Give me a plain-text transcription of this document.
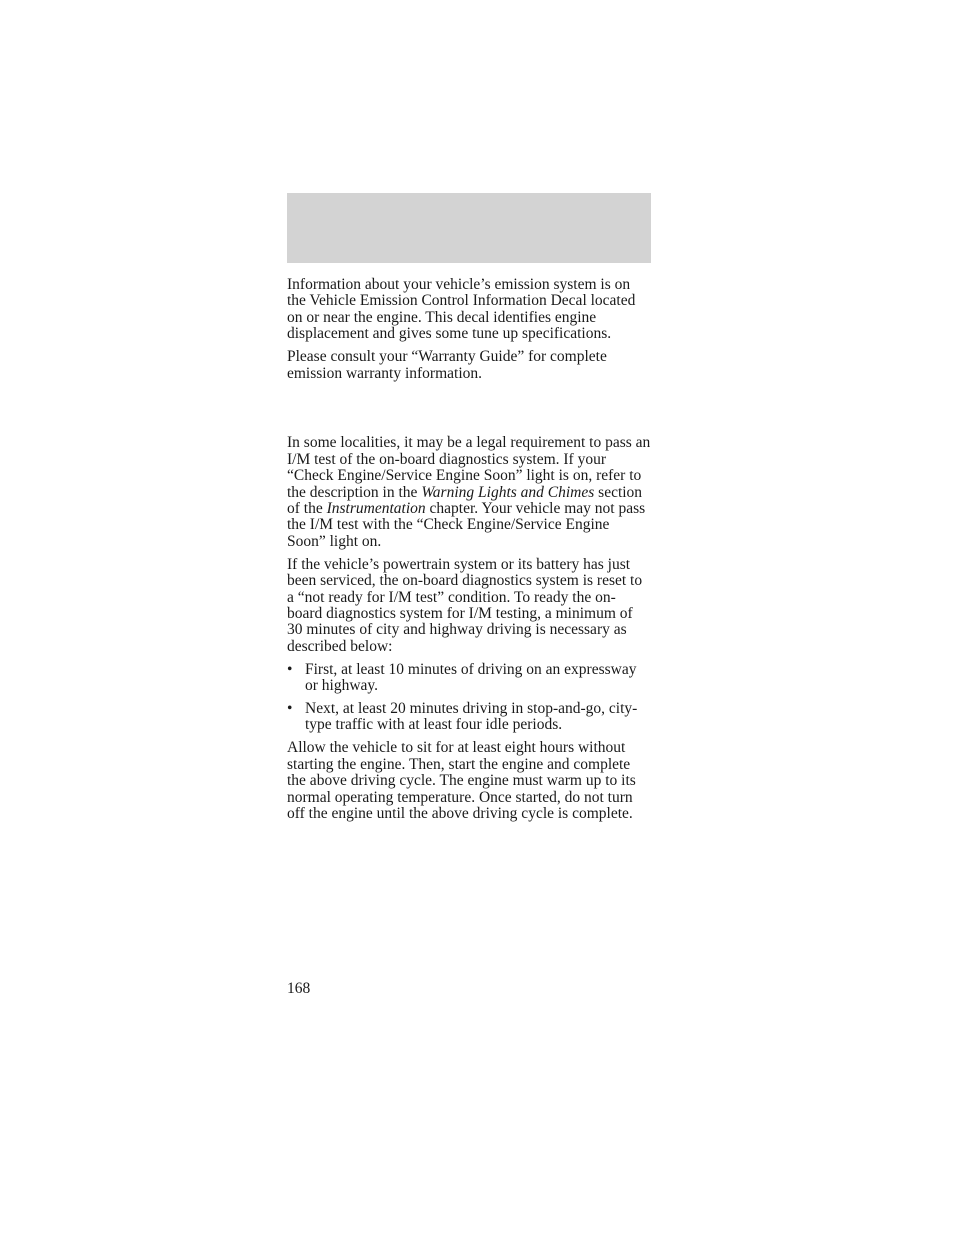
Information about your vehicle’s emission system is on the Vehicle Emission Control Information Decal located on or near the engine. This decal identifies engine displacement and gives some tune up specifications.

Please consult your “Warranty Guide” for complete emission warranty information.

In some localities, it may be a legal requirement to pass an I/M test of the on-board diagnostics system. If your “Check Engine/Service Engine Soon” light is on, refer to the description in the Warning Lights and Chimes section of the Instrumentation chapter. Your vehicle may not pass the I/M test with the “Check Engine/Service Engine Soon” light on.

If the vehicle’s powertrain system or its battery has just been serviced, the on-board diagnostics system is reset to a “not ready for I/M test” condition. To ready the on-board diagnostics system for I/M testing, a minimum of 30 minutes of city and highway driving is necessary as described below:

• First, at least 10 minutes of driving on an expressway or highway.
• Next, at least 20 minutes driving in stop-and-go, city-type traffic with at least four idle periods.

Allow the vehicle to sit for at least eight hours without starting the engine. Then, start the engine and complete the above driving cycle. The engine must warm up to its normal operating temperature. Once started, do not turn off the engine until the above driving cycle is complete.

168
